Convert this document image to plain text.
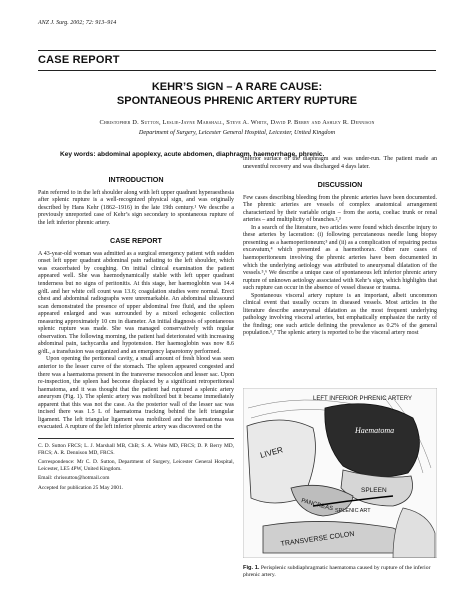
ANZ J. Surg. 2002; 72: 913–914
CASE REPORT
KEHR’S SIGN – A RARE CAUSE:
SPONTANEOUS PHRENIC ARTERY RUPTURE
Christopher D. Sutton, Leslie-Jayne Marshall, Steve A. White, David P. Berry and Ashley R. Dennison
Department of Surgery, Leicester General Hospital, Leicester, United Kingdom
Key words: abdominal apoplexy, acute abdomen, diaphragm, haemorrhage, phrenic.
INTRODUCTION

Pain referred to in the left shoulder along with left upper quadrant hyperaesthesia after splenic rupture is a well-recognized physical sign, and was originally described by Hans Kehr (1862–1916) in the late 19th century.¹ We describe a previously unreported case of Kehr’s sign secondary to spontaneous rupture of the left inferior phrenic artery.

CASE REPORT

A 43-year-old woman was admitted as a surgical emergency patient with sudden onset left upper quadrant abdominal pain radiating to the left shoulder, which was exacerbated by coughing. On initial clinical examination the patient appeared well. She was haemodynamically stable with left upper quadrant tenderness but no signs of peritonitis. At this stage, her haemoglobin was 14.4 g/dL and her white cell count was 13.6; coagulation studies were normal. Erect chest and abdominal radiographs were unremarkable. An abdominal ultrasound scan demonstrated the presence of upper abdominal free fluid, and the spleen appeared enlarged and was surrounded by a mixed echogenic collection measuring approximately 10 cm in diameter. An initial diagnosis of spontaneous splenic rupture was made. She was managed conservatively with regular observation. The following morning, the patient had deteriorated with increasing abdominal pain, tachycardia and hypotension. Her haemoglobin was now 8.6 g/dL, a transfusion was organized and an emergency laparotomy performed.

Upon opening the peritoneal cavity, a small amount of fresh blood was seen anterior to the lesser curve of the stomach. The spleen appeared congested and there was a haematoma present in the transverse mesocolon and lesser sac. Upon re-inspection, the spleen had become displaced by a significant retroperitoneal haematoma, and it was thought that the patient had ruptured a splenic artery aneurysm (Fig. 1). The splenic artery was mobilized but it became immediately apparent that this was not the case. As the posterior wall of the lesser sac was incised there was 1.5 L of haematoma tracking behind the left triangular ligament. The left triangular ligament was mobilized and the haematoma was evacuated. A rupture of the left inferior phrenic artery was discovered on the

C. D. Sutton FRCS; L. J. Marshall MB, ChB; S. A. White MD, FRCS; D. P. Berry MD, FRCS; A. R. Dennison MD, FRCS.

Correspondence: Mr C. D. Sutton, Department of Surgery, Leicester General Hospital, Leicester, LE5 4PW, United Kingdom.

Email: chrissutton@hotmail.com

Accepted for publication 25 May 2001.

inferior surface of the diaphragm and was under-run. The patient made an uneventful recovery and was discharged 4 days later.

DISCUSSION

Few cases describing bleeding from the phrenic arteries have been documented. The phrenic arteries are vessels of complex anatomical arrangement characterized by their variable origin – from the aorta, coeliac trunk or renal arteries – and multiplicity of branches.²,³

In a search of the literature, two articles were found which describe injury to these arteries by laceration: (i) following percutaneous needle lung biopsy presenting as a haemoperitoneum;³ and (ii) as a complication of repairing pectus excavatum,⁴ which presented as a haemothorax. Other rare cases of haemoperitoneum involving the phrenic arteries have been documented in which the underlying aetiology was attributed to aneurysmal dilatation of the vessels.⁵,⁶ We describe a unique case of spontaneous left inferior phrenic artery rupture of unknown aetiology associated with Kehr’s sign, which highlights that such rupture can occur in the absence of vessel disease or trauma.

Spontaneous visceral artery rupture is an important, albeit uncommon clinical event that usually occurs in diseased vessels. Most articles in the literature describe aneurysmal dilatation as the most frequent underlying pathology involving visceral arteries, but emphatically emphasize the rarity of the finding; one such article defining the prevalence as 0.2% of the general population.⁵,⁷ The splenic artery is reported to be the visceral artery most

LEFT INFERIOR PHRENIC ARTERY
LIVER
Haematoma
SPLEEN
PANCREAS SPLENIC ART
TRANSVERSE COLON
Fig. 1. Perisplenic subdiaphragmatic haematoma caused by rupture of the inferior phrenic artery.
